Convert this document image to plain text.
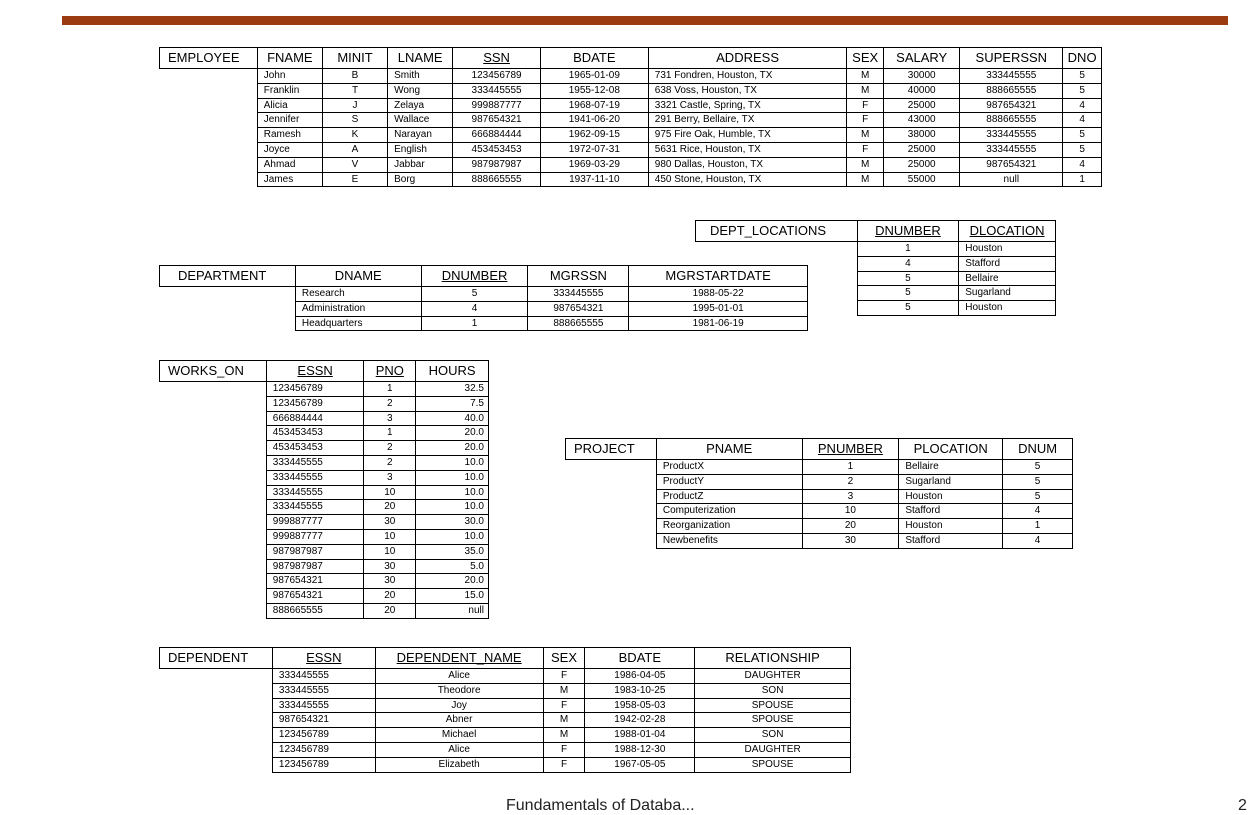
EMPLOYEE	FNAME	MINIT	LNAME	SSN	BDATE	ADDRESS	SEX	SALARY	SUPERSSN	DNO
	John	B	Smith	123456789	1965-01-09	731 Fondren, Houston, TX	M	30000	333445555	5
	Franklin	T	Wong	333445555	1955-12-08	638 Voss, Houston, TX	M	40000	888665555	5
	Alicia	J	Zelaya	999887777	1968-07-19	3321 Castle, Spring, TX	F	25000	987654321	4
	Jennifer	S	Wallace	987654321	1941-06-20	291 Berry, Bellaire, TX	F	43000	888665555	4
	Ramesh	K	Narayan	666884444	1962-09-15	975 Fire Oak, Humble, TX	M	38000	333445555	5
	Joyce	A	English	453453453	1972-07-31	5631 Rice, Houston, TX	F	25000	333445555	5
	Ahmad	V	Jabbar	987987987	1969-03-29	980 Dallas, Houston, TX	M	25000	987654321	4
	James	E	Borg	888665555	1937-11-10	450 Stone, Houston, TX	M	55000	null	1
DEPT_LOCATIONS	DNUMBER	DLOCATION
	1	Houston
	4	Stafford
	5	Bellaire
	5	Sugarland
	5	Houston
DEPARTMENT	DNAME	DNUMBER	MGRSSN	MGRSTARTDATE
	Research	5	333445555	1988-05-22
	Administration	4	987654321	1995-01-01
	Headquarters	1	888665555	1981-06-19
WORKS_ON	ESSN	PNO	HOURS
	123456789	1	32.5
	123456789	2	7.5
	666884444	3	40.0
	453453453	1	20.0
	453453453	2	20.0
	333445555	2	10.0
	333445555	3	10.0
	333445555	10	10.0
	333445555	20	10.0
	999887777	30	30.0
	999887777	10	10.0
	987987987	10	35.0
	987987987	30	5.0
	987654321	30	20.0
	987654321	20	15.0
	888665555	20	null
PROJECT	PNAME	PNUMBER	PLOCATION	DNUM
	ProductX	1	Bellaire	5
	ProductY	2	Sugarland	5
	ProductZ	3	Houston	5
	Computerization	10	Stafford	4
	Reorganization	20	Houston	1
	Newbenefits	30	Stafford	4
DEPENDENT	ESSN	DEPENDENT_NAME	SEX	BDATE	RELATIONSHIP
	333445555	Alice	F	1986-04-05	DAUGHTER
	333445555	Theodore	M	1983-10-25	SON
	333445555	Joy	F	1958-05-03	SPOUSE
	987654321	Abner	M	1942-02-28	SPOUSE
	123456789	Michael	M	1988-01-04	SON
	123456789	Alice	F	1988-12-30	DAUGHTER
	123456789	Elizabeth	F	1967-05-05	SPOUSE
Fundamentals of Databa...	2
